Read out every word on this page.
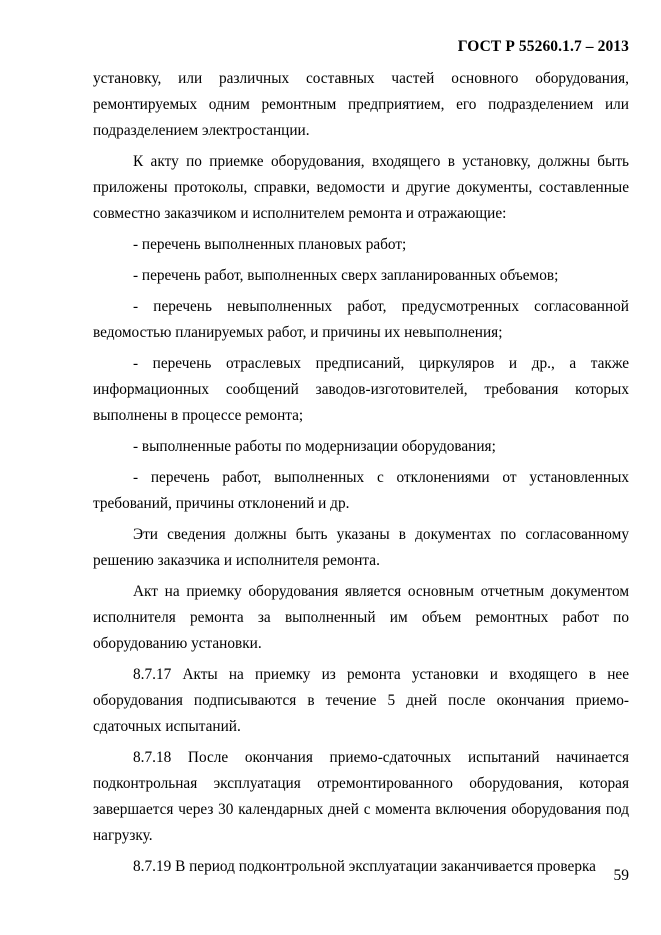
ГОСТ Р 55260.1.7 – 2013

установку, или различных составных частей основного оборудования, ремонтируемых одним ремонтным предприятием, его подразделением или подразделением электростанции.

К акту по приемке оборудования, входящего в установку, должны быть приложены протоколы, справки, ведомости и другие документы, составленные совместно заказчиком и исполнителем ремонта и отражающие:

- перечень выполненных плановых работ;

- перечень работ, выполненных сверх запланированных объемов;

- перечень невыполненных работ, предусмотренных согласованной ведомостью планируемых работ, и причины их невыполнения;

- перечень отраслевых предписаний, циркуляров и др., а также информационных сообщений заводов-изготовителей, требования которых выполнены в процессе ремонта;

- выполненные работы по модернизации оборудования;

- перечень работ, выполненных с отклонениями от установленных требований, причины отклонений и др.

Эти сведения должны быть указаны в документах по согласованному решению заказчика и исполнителя ремонта.

Акт на приемку оборудования является основным отчетным документом исполнителя ремонта за выполненный им объем ремонтных работ по оборудованию установки.

8.7.17 Акты на приемку из ремонта установки и входящего в нее оборудования подписываются в течение 5 дней после окончания приемо-сдаточных испытаний.

8.7.18 После окончания приемо-сдаточных испытаний начинается подконтрольная эксплуатация отремонтированного оборудования, которая завершается через 30 календарных дней с момента включения оборудования под нагрузку.

8.7.19 В период подконтрольной эксплуатации заканчивается проверка

59
